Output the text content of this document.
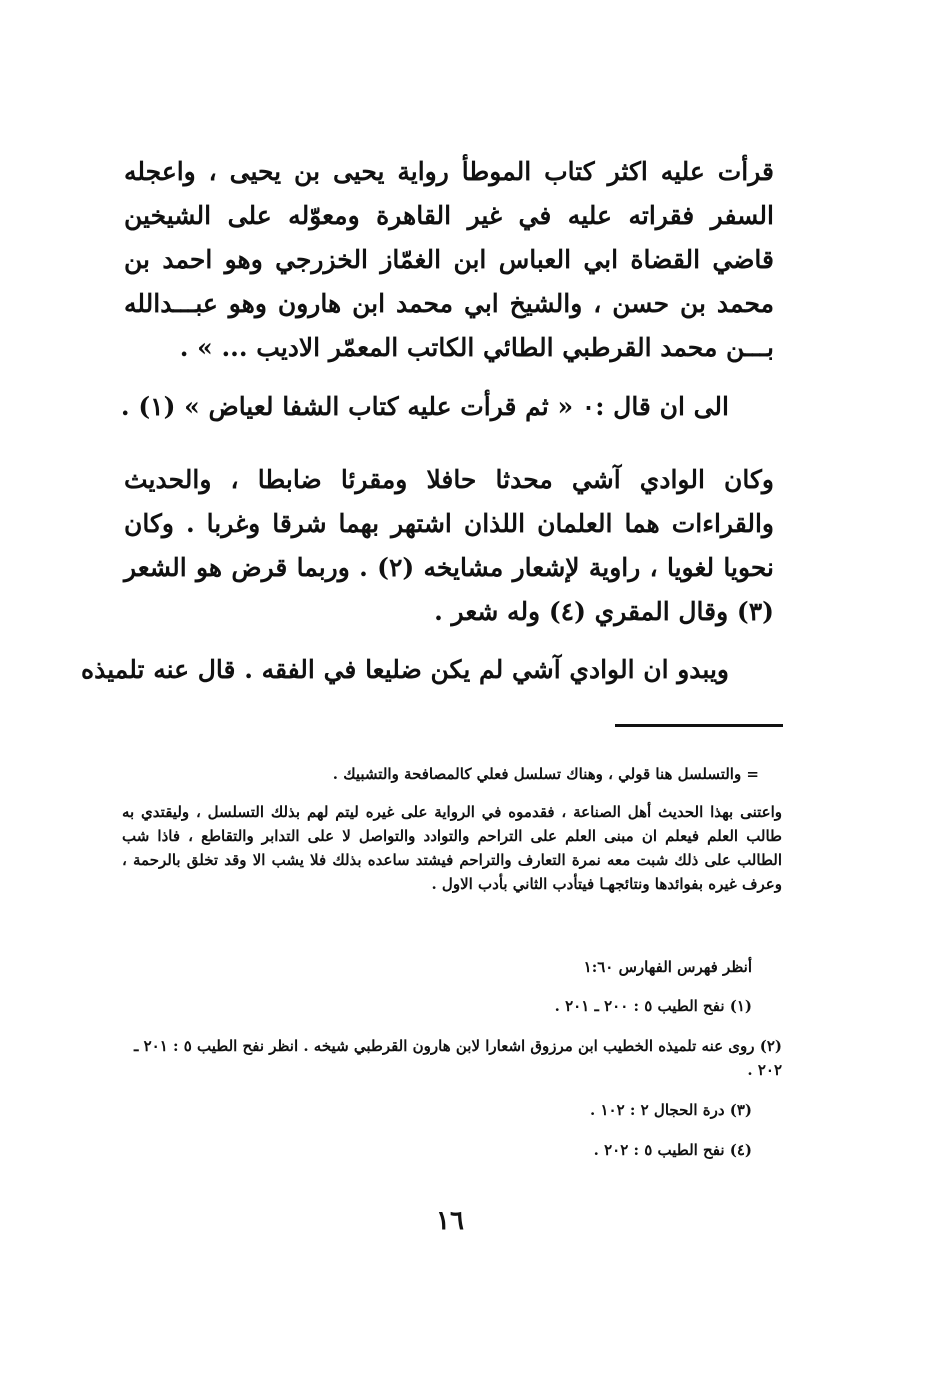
قرأت عليه اكثر كتاب الموطأ رواية يحيى بن يحيى ، واعجله السفر فقراته عليه في غير القاهرة ومعوّله على الشيخين قاضي القضاة ابي العباس ابن الغمّاز الخزرجي وهو احمد بن محمد بن حسن ، والشيخ ابي محمد ابن هارون وهو عبـــدالله بـــن محمد القرطبي الطائي الكاتب المعمّر الاديب ... » .

الى ان قال :٠ « ثم قرأت عليه كتاب الشفا لعياض » (١) .

وكان الوادي آشي محدثا حافلا ومقرئا ضابطا ، والحديث والقراءات هما العلمان اللذان اشتهر بهما شرقا وغربا . وكان نحويا لغويا ، راوية لإشعار مشايخه (٢) . وربما قرض هو الشعر (٣) وقال المقري (٤) وله شعر .

ويبدو ان الوادي آشي لم يكن ضليعا في الفقه . قال عنه تلميذه

= والتسلسل هنا قولي ، وهناك تسلسل فعلي كالمصافحة والتشبيك .

واعتنى بهذا الحديث أهل الصناعة ، فقدموه في الرواية على غيره ليتم لهم بذلك التسلسل ، وليقتدي به طالب العلم فيعلم ان مبنى العلم على التراحم والتوادد والتواصل لا على التدابر والتقاطع ، فاذا شب الطالب على ذلك شبت معه نمرة التعارف والتراحم فيشتد ساعده بذلك فلا يشب الا وقد تخلق بالرحمة ، وعرف غيره بفوائدها ونتائجهـا فيتأدب الثاني بأدب الاول .

أنظر فهرس الفهارس ١:٦٠

(١) نفح الطيب ٥ : ٢٠٠ ـ ٢٠١ .

(٢) روى عنه تلميذه الخطيب ابن مرزوق اشعارا لابن هارون القرطبي شيخه . انظر نفح الطيب ٥ : ٢٠١ ـ ٢٠٢ .

(٣) درة الحجال ٢ : ١٠٢ .

(٤) نفح الطيب ٥ : ٢٠٢ .

١٦
